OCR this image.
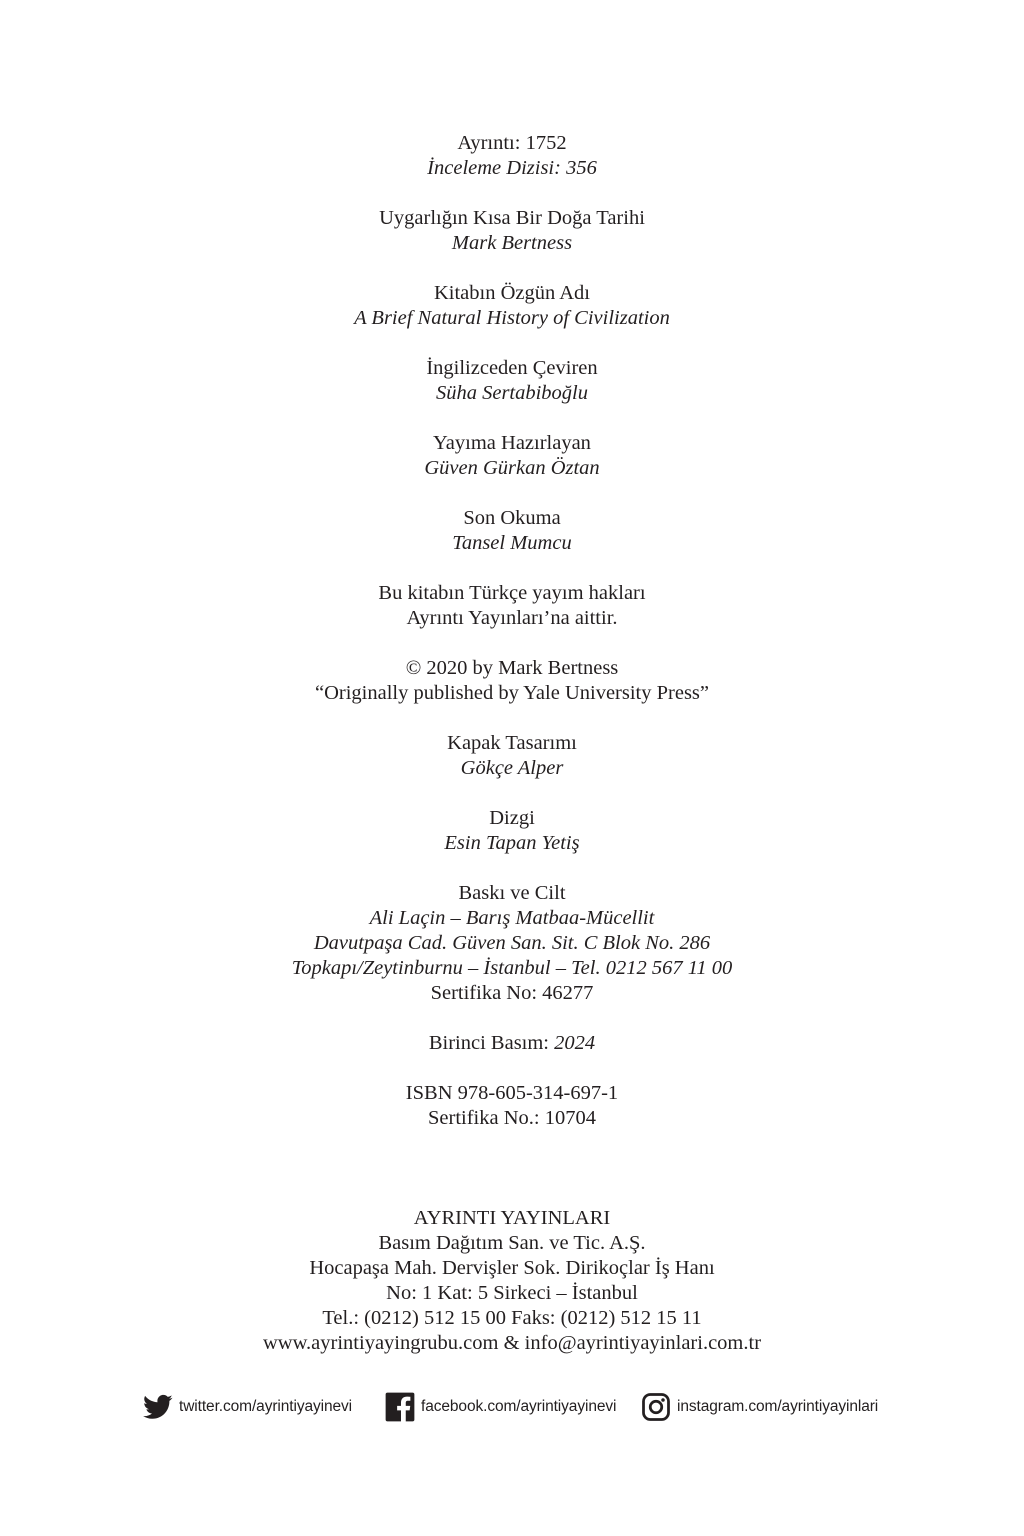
Ayrıntı: 1752
İnceleme Dizisi: 356
Uygarlığın Kısa Bir Doğa Tarihi
Mark Bertness
Kitabın Özgün Adı
A Brief Natural History of Civilization
İngilizceden Çeviren
Süha Sertabiboğlu
Yayıma Hazırlayan
Güven Gürkan Öztan
Son Okuma
Tansel Mumcu
Bu kitabın Türkçe yayım hakları
Ayrıntı Yayınları’na aittir.
© 2020 by Mark Bertness
“Originally published by Yale University Press”
Kapak Tasarımı
Gökçe Alper
Dizgi
Esin Tapan Yetiş
Baskı ve Cilt
Ali Laçin – Barış Matbaa-Mücellit
Davutpaşa Cad. Güven San. Sit. C Blok No. 286
Topkapı/Zeytinburnu – İstanbul – Tel. 0212 567 11 00
Sertifika No: 46277
Birinci Basım: 2024
ISBN 978-605-314-697-1
Sertifika No.: 10704
AYRINTI YAYINLARI
Basım Dağıtım San. ve Tic. A.Ş.
Hocapaşa Mah. Dervişler Sok. Dirikoçlar İş Hanı
No: 1 Kat: 5 Sirkeci – İstanbul
Tel.: (0212) 512 15 00 Faks: (0212) 512 15 11
www.ayrintiyayingrubu.com & info@ayrintiyayinlari.com.tr
twitter.com/ayrintiyayinevi	facebook.com/ayrintiyayinevi	instagram.com/ayrintiyayinlari
